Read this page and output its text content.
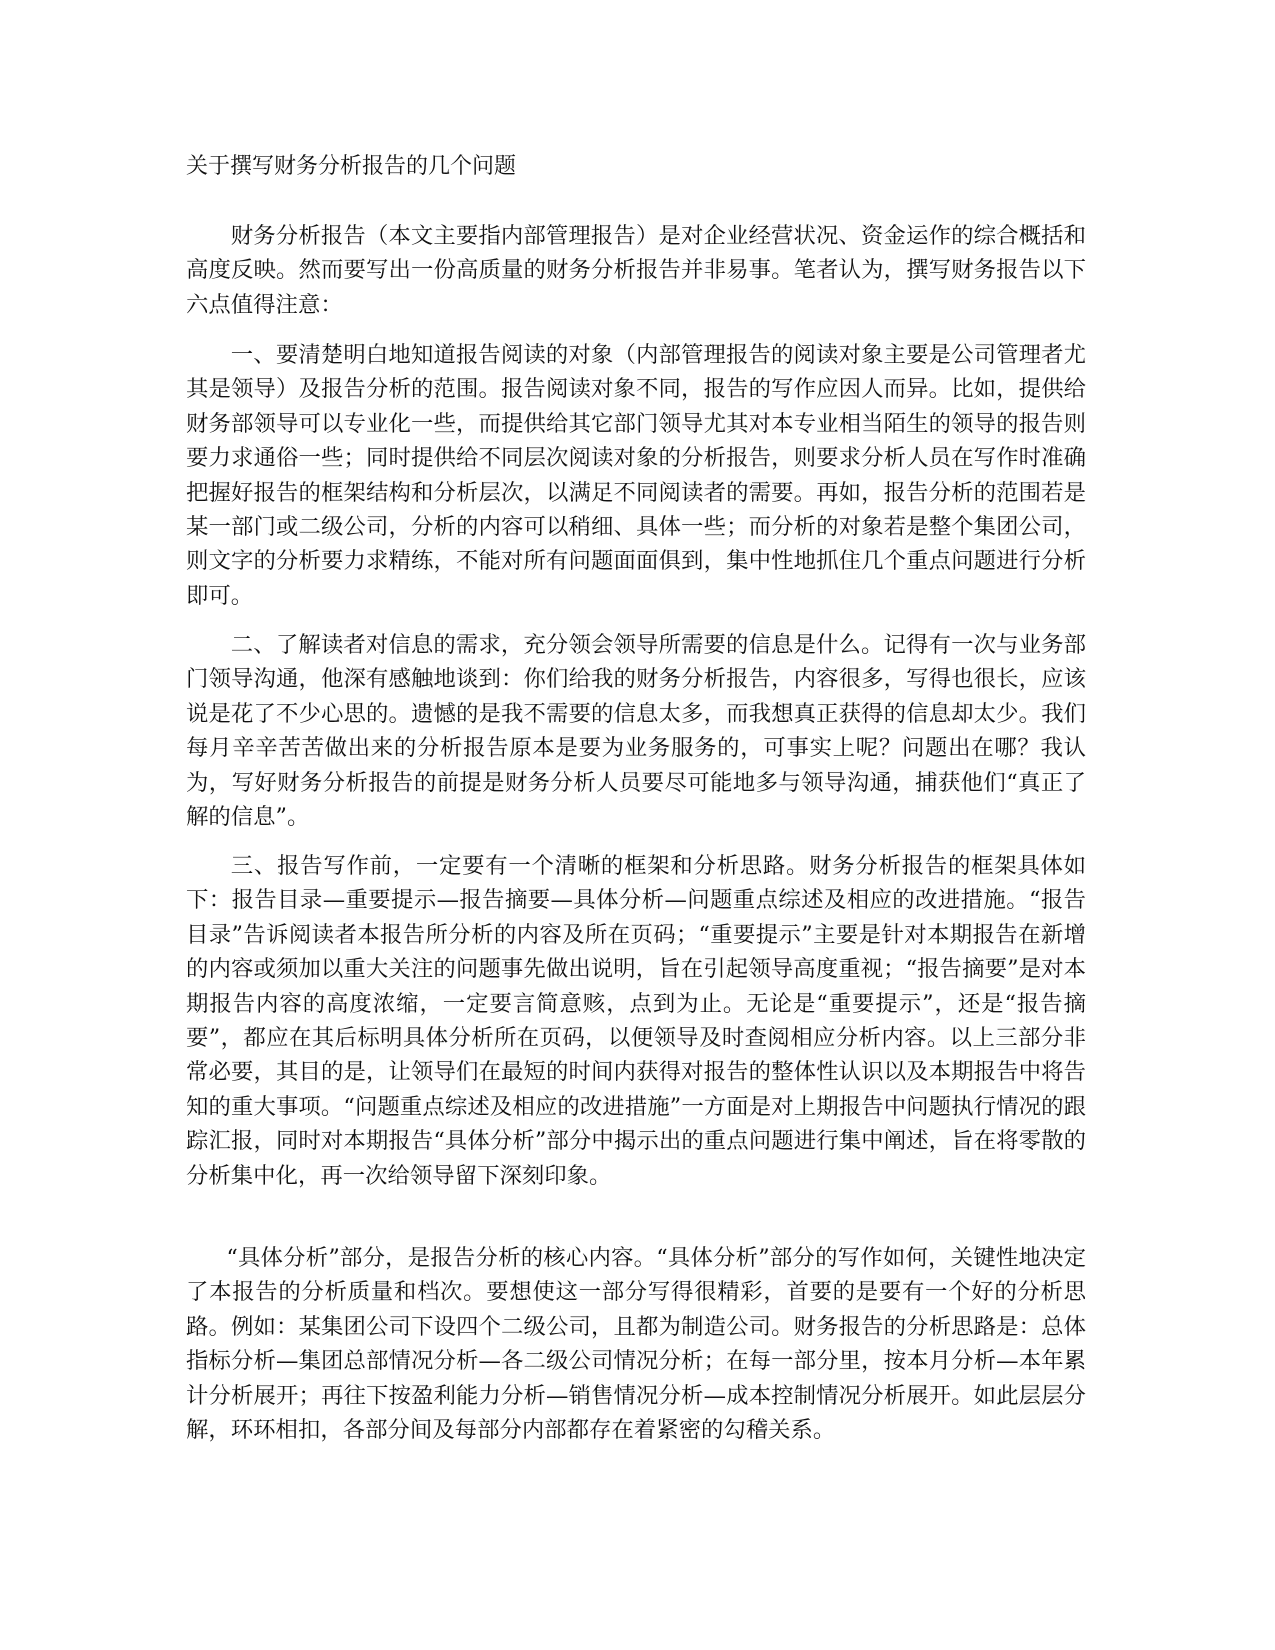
关于撰写财务分析报告的几个问题

财务分析报告（本文主要指内部管理报告）是对企业经营状况、资金运作的综合概括和高度反映。然而要写出一份高质量的财务分析报告并非易事。笔者认为，撰写财务报告以下六点值得注意：

一、要清楚明白地知道报告阅读的对象（内部管理报告的阅读对象主要是公司管理者尤其是领导）及报告分析的范围。报告阅读对象不同，报告的写作应因人而异。比如，提供给财务部领导可以专业化一些，而提供给其它部门领导尤其对本专业相当陌生的领导的报告则要力求通俗一些；同时提供给不同层次阅读对象的分析报告，则要求分析人员在写作时准确把握好报告的框架结构和分析层次，以满足不同阅读者的需要。再如，报告分析的范围若是某一部门或二级公司，分析的内容可以稍细、具体一些；而分析的对象若是整个集团公司，则文字的分析要力求精练，不能对所有问题面面俱到，集中性地抓住几个重点问题进行分析即可。

二、了解读者对信息的需求，充分领会领导所需要的信息是什么。记得有一次与业务部门领导沟通，他深有感触地谈到：你们给我的财务分析报告，内容很多，写得也很长，应该说是花了不少心思的。遗憾的是我不需要的信息太多，而我想真正获得的信息却太少。我们每月辛辛苦苦做出来的分析报告原本是要为业务服务的，可事实上呢？问题出在哪？我认为，写好财务分析报告的前提是财务分析人员要尽可能地多与领导沟通，捕获他们“真正了解的信息”。

三、报告写作前，一定要有一个清晰的框架和分析思路。财务分析报告的框架具体如下：报告目录—重要提示—报告摘要—具体分析—问题重点综述及相应的改进措施。“报告目录”告诉阅读者本报告所分析的内容及所在页码；“重要提示”主要是针对本期报告在新增的内容或须加以重大关注的问题事先做出说明，旨在引起领导高度重视；“报告摘要”是对本期报告内容的高度浓缩，一定要言简意赅，点到为止。无论是“重要提示”，还是“报告摘要”，都应在其后标明具体分析所在页码，以便领导及时查阅相应分析内容。以上三部分非常必要，其目的是，让领导们在最短的时间内获得对报告的整体性认识以及本期报告中将告知的重大事项。“问题重点综述及相应的改进措施”一方面是对上期报告中问题执行情况的跟踪汇报，同时对本期报告“具体分析”部分中揭示出的重点问题进行集中阐述，旨在将零散的分析集中化，再一次给领导留下深刻印象。

“具体分析”部分，是报告分析的核心内容。“具体分析”部分的写作如何，关键性地决定了本报告的分析质量和档次。要想使这一部分写得很精彩，首要的是要有一个好的分析思路。例如：某集团公司下设四个二级公司，且都为制造公司。财务报告的分析思路是：总体指标分析—集团总部情况分析—各二级公司情况分析；在每一部分里，按本月分析—本年累计分析展开；再往下按盈利能力分析—销售情况分析—成本控制情况分析展开。如此层层分解，环环相扣，各部分间及每部分内部都存在着紧密的勾稽关系。
